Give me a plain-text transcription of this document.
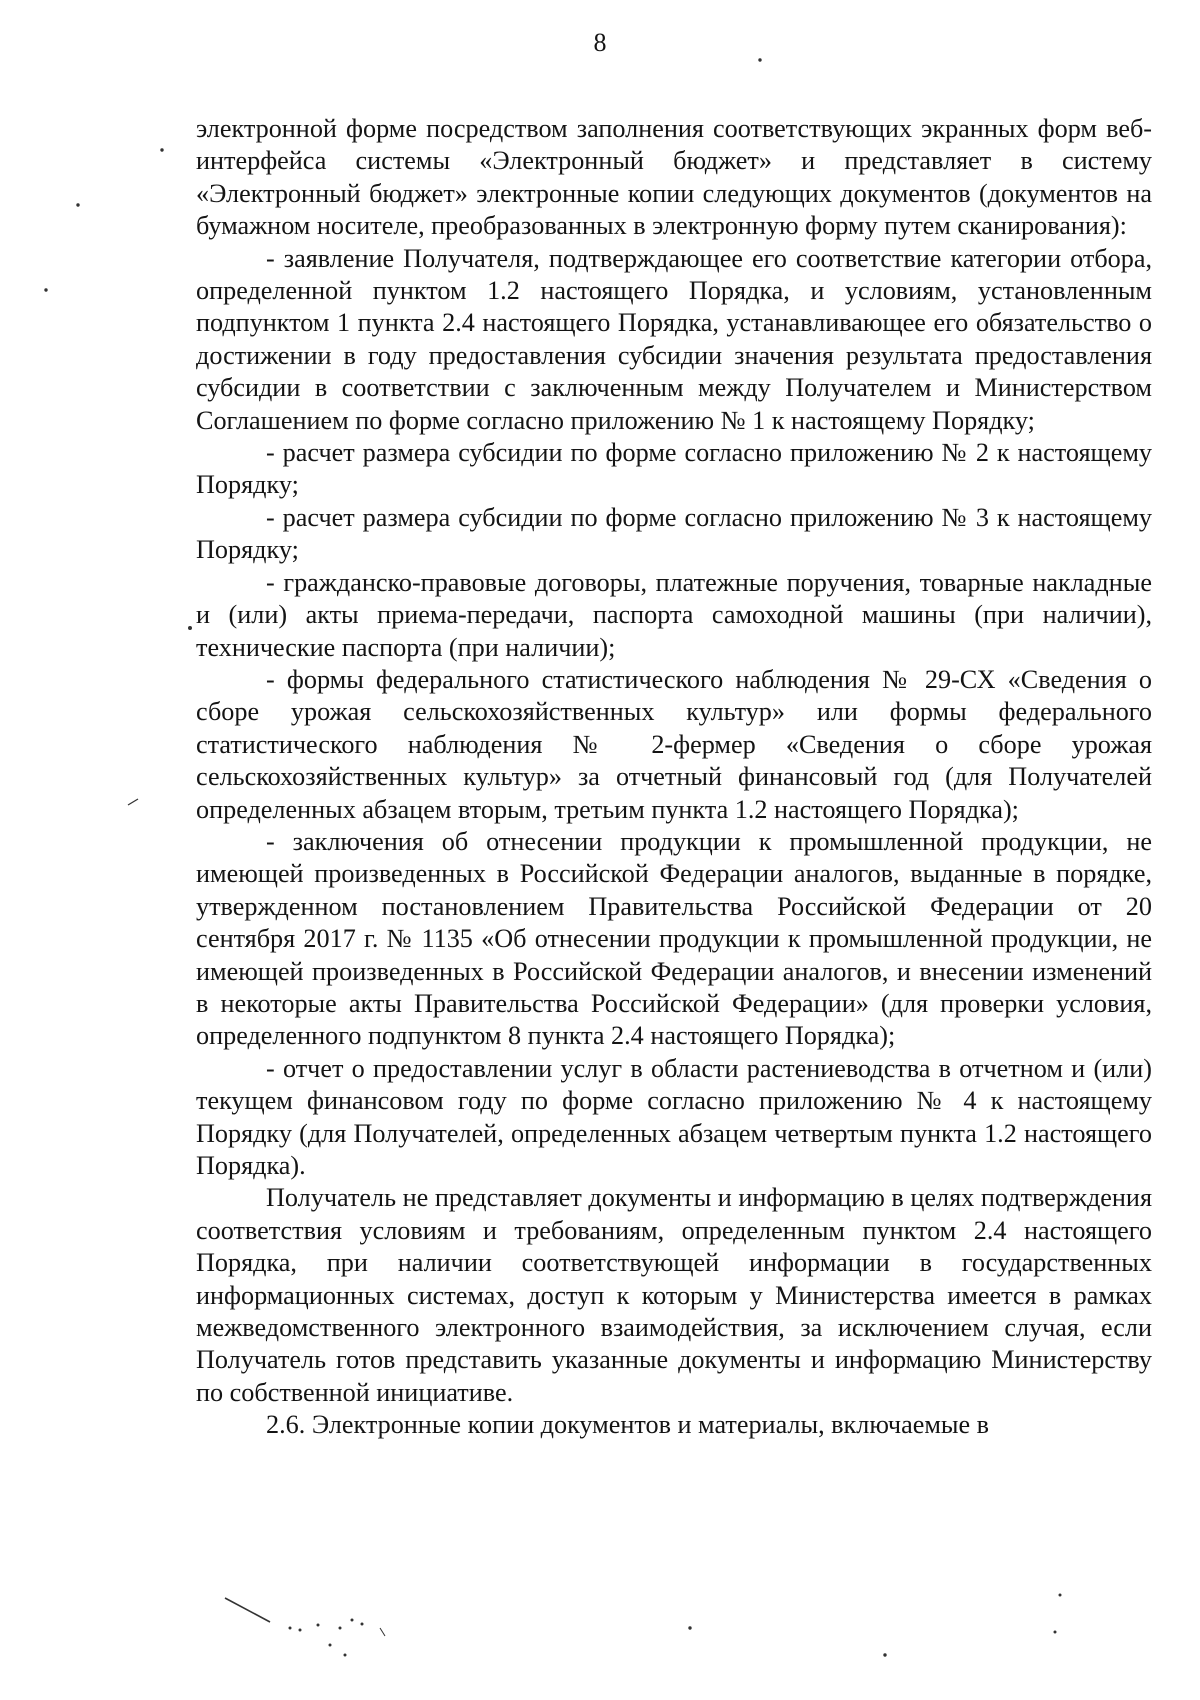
8

электронной форме посредством заполнения соответствующих экранных форм веб-интерфейса системы «Электронный бюджет» и представляет в систему «Электронный бюджет» электронные копии следующих документов (документов на бумажном носителе, преобразованных в электронную форму путем сканирования):

- заявление Получателя, подтверждающее его соответствие категории отбора, определенной пунктом 1.2 настоящего Порядка, и условиям, установленным подпунктом 1 пункта 2.4 настоящего Порядка, устанавливающее его обязательство о достижении в году предоставления субсидии значения результата предоставления субсидии в соответствии с заключенным между Получателем и Министерством Соглашением по форме согласно приложению № 1 к настоящему Порядку;

- расчет размера субсидии по форме согласно приложению № 2 к настоящему Порядку;

- расчет размера субсидии по форме согласно приложению № 3 к настоящему Порядку;

- гражданско-правовые договоры, платежные поручения, товарные накладные и (или) акты приема-передачи, паспорта самоходной машины (при наличии), технические паспорта (при наличии);

- формы федерального статистического наблюдения № 29-СХ «Сведения о сборе урожая сельскохозяйственных культур» или формы федерального статистического наблюдения № 2-фермер «Сведения о сборе урожая сельскохозяйственных культур» за отчетный финансовый год (для Получателей определенных абзацем вторым, третьим пункта 1.2 настоящего Порядка);

- заключения об отнесении продукции к промышленной продукции, не имеющей произведенных в Российской Федерации аналогов, выданные в порядке, утвержденном постановлением Правительства Российской Федерации от 20 сентября 2017 г. № 1135 «Об отнесении продукции к промышленной продукции, не имеющей произведенных в Российской Федерации аналогов, и внесении изменений в некоторые акты Правительства Российской Федерации» (для проверки условия, определенного подпунктом 8 пункта 2.4 настоящего Порядка);

- отчет о предоставлении услуг в области растениеводства в отчетном и (или) текущем финансовом году по форме согласно приложению № 4 к настоящему Порядку (для Получателей, определенных абзацем четвертым пункта 1.2 настоящего Порядка).

Получатель не представляет документы и информацию в целях подтверждения соответствия условиям и требованиям, определенным пунктом 2.4 настоящего Порядка, при наличии соответствующей информации в государственных информационных системах, доступ к которым у Министерства имеется в рамках межведомственного электронного взаимодействия, за исключением случая, если Получатель готов представить указанные документы и информацию Министерству по собственной инициативе.

2.6. Электронные копии документов и материалы, включаемые в
